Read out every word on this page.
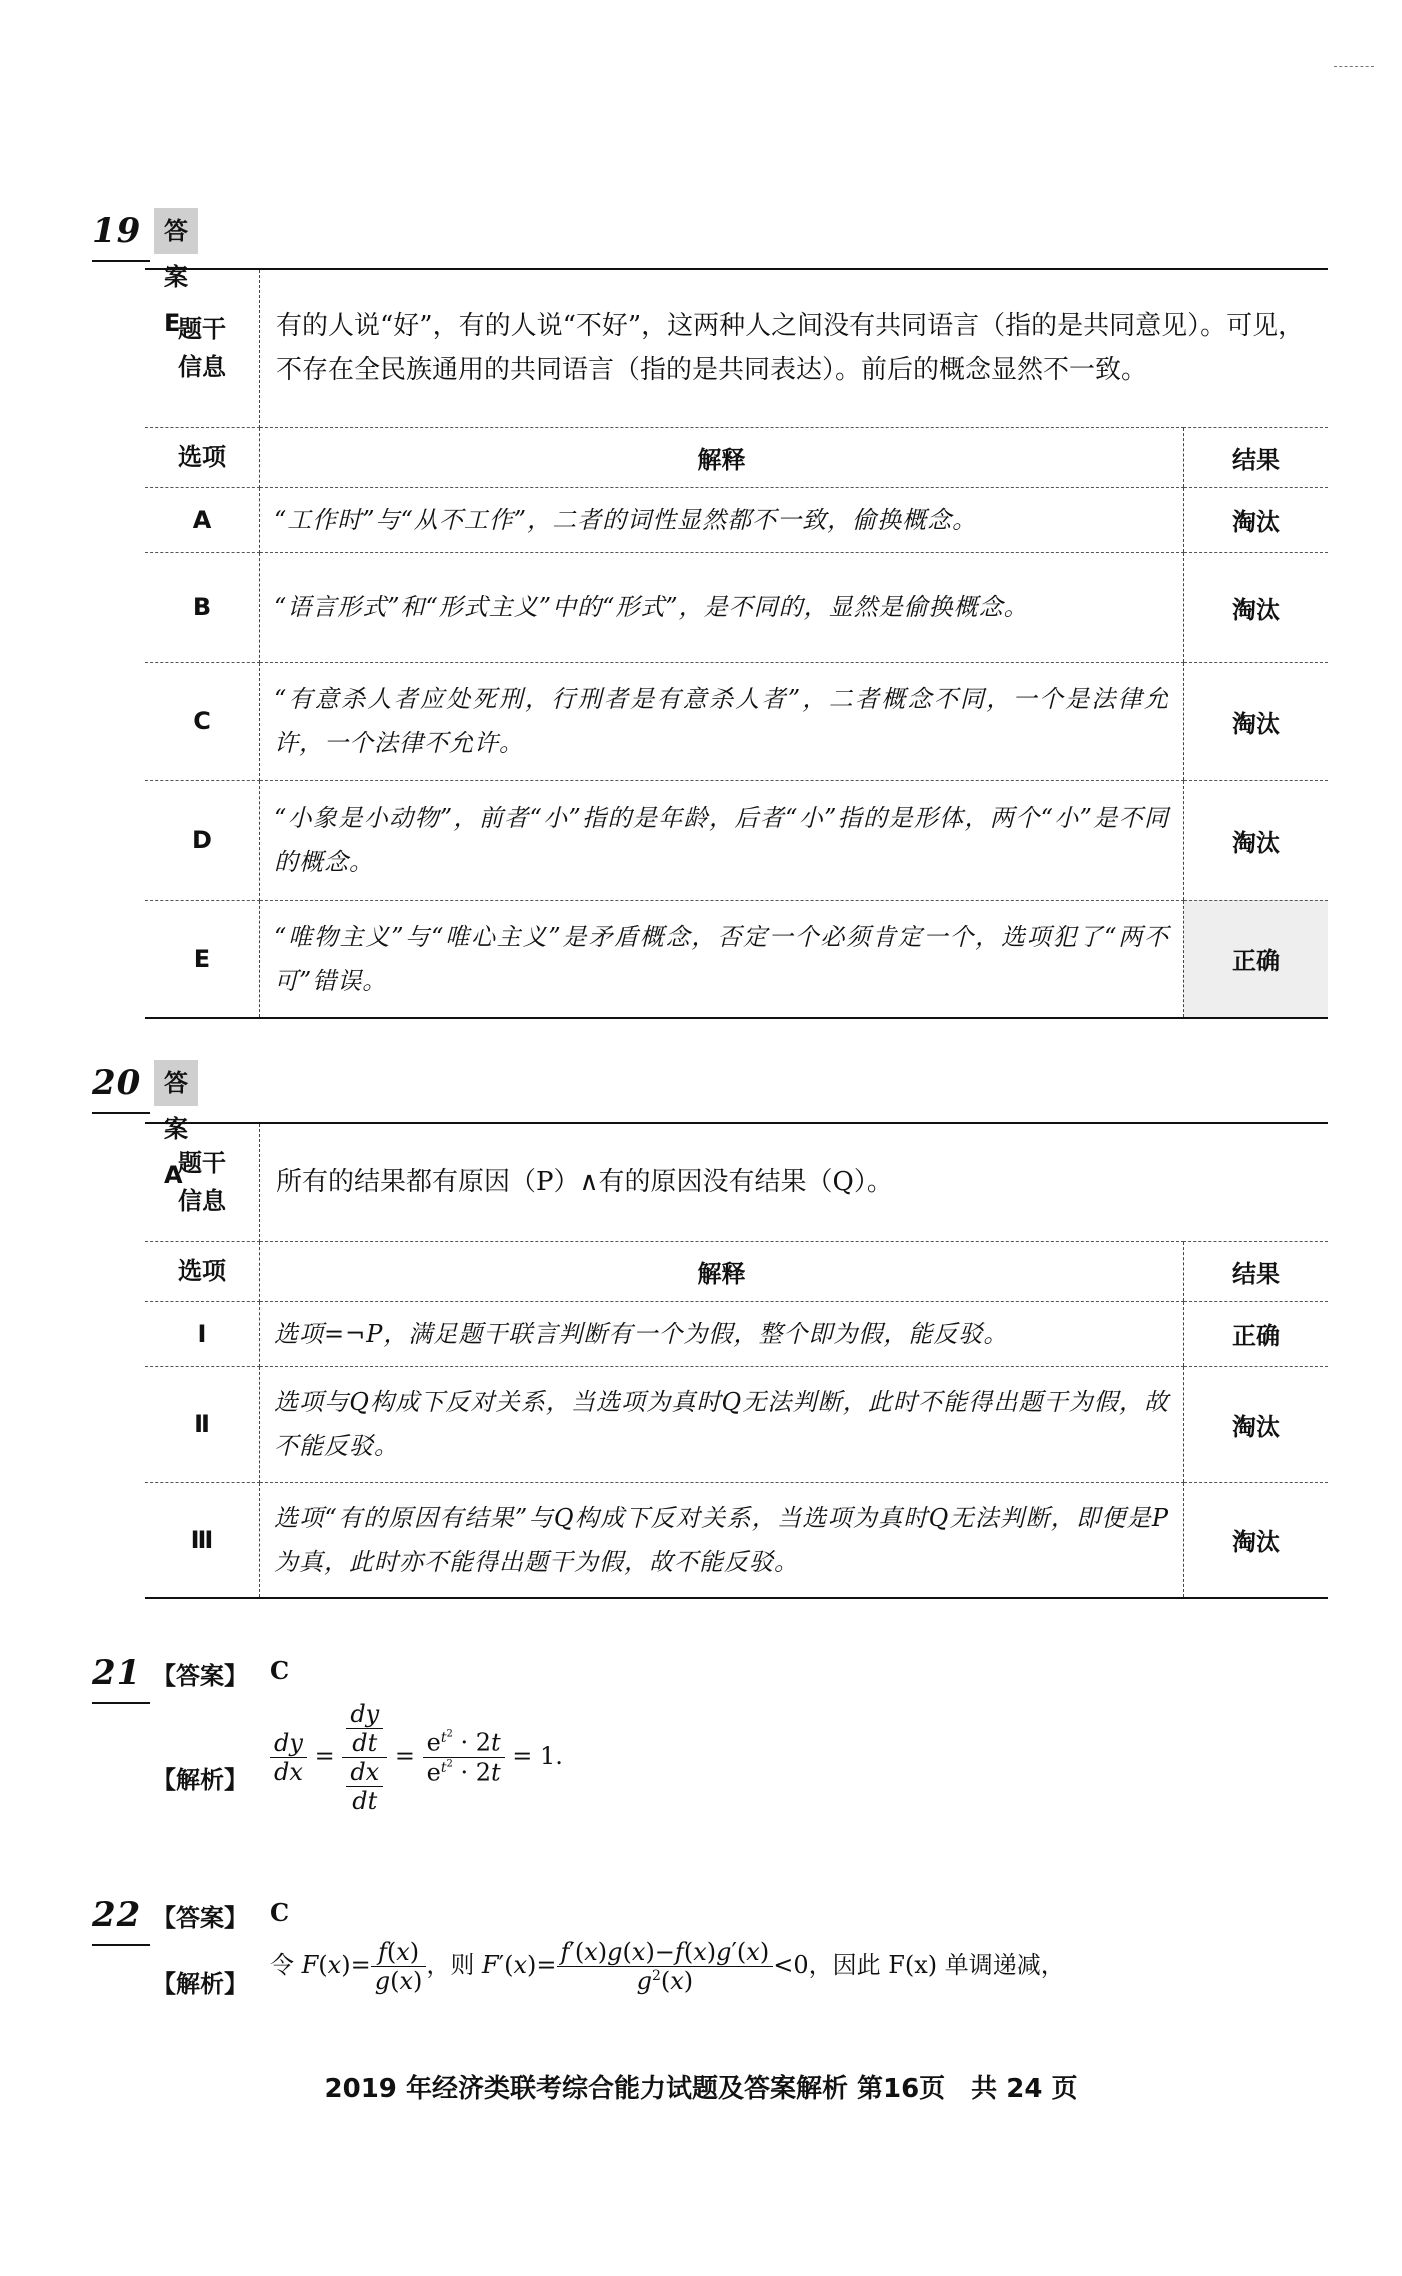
19 答案 E
题干
信息	有的人说“好”，有的人说“不好”，这两种人之间没有共同语言（指的是共同意见）。可见，不存在全民族通用的共同语言（指的是共同表达）。前后的概念显然不一致。	
选项	解释	结果
A	“工作时”与“从不工作”，二者的词性显然都不一致，偷换概念。	淘汰
B	“语言形式”和“形式主义”中的“形式”，是不同的，显然是偷换概念。	淘汰
C	“有意杀人者应处死刑，行刑者是有意杀人者”，二者概念不同，一个是法律允许，一个法律不允许。	淘汰
D	“小象是小动物”，前者“小”指的是年龄，后者“小”指的是形体，两个“小”是不同的概念。	淘汰
E	“唯物主义”与“唯心主义”是矛盾概念，否定一个必须肯定一个，选项犯了“两不可”错误。	正确
20 答案 A
题干
信息	所有的结果都有原因（P）∧有的原因没有结果（Q）。	
选项	解释	结果
Ⅰ	选项=¬P，满足题干联言判断有一个为假，整个即为假，能反驳。	正确
Ⅱ	选项与Q构成下反对关系，当选项为真时Q无法判断，此时不能得出题干为假，故不能反驳。	淘汰
Ⅲ	选项“有的原因有结果”与Q构成下反对关系，当选项为真时Q无法判断，即便是P为真，此时亦不能得出题干为假，故不能反驳。	淘汰
21 【答案】 C
【解析】 $\frac{dy}{dx} = \frac{\frac{dy}{dt}}{\frac{dx}{dt}} = \frac{e^{t^2} \cdot 2t}{e^{t^2} \cdot 2t} = 1$.
22 【答案】 C
【解析】
令 $F(x)= \frac{f(x)}{g(x)}$ ，则 $F'(x)= \frac{f'(x)g(x)-f(x)g'(x)}{g^2(x)} <0$，因此 F(x) 单调递减，
2019 年经济类联考综合能力试题及答案解析 第16页　共 24 页
